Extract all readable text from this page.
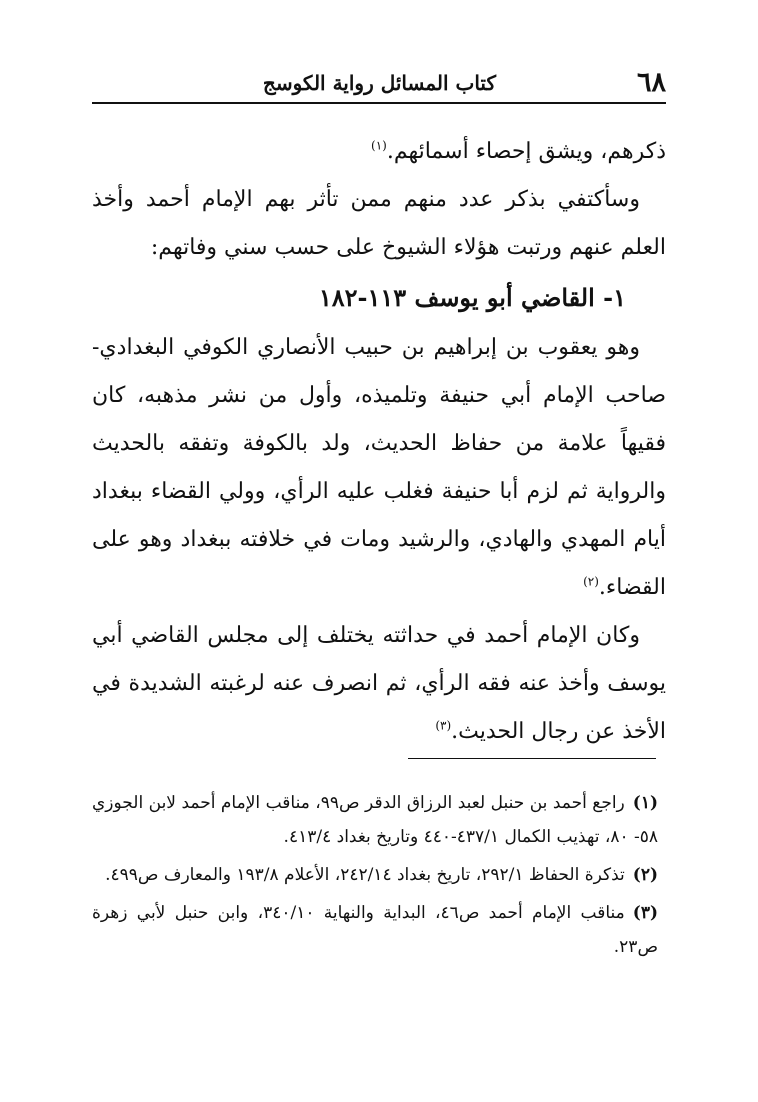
٦٨
كتاب المسائل رواية الكوسج

ذكرهم، ويشق إحصاء أسمائهم.$^{(١)}$

وسأكتفي بذكر عدد منهم ممن تأثر بهم الإمام أحمد وأخذ العلم عنهم ورتبت هؤلاء الشيوخ على حسب سني وفاتهم:

١- القاضي أبو يوسف ١١٣-١٨٢

وهو يعقوب بن إبراهيم بن حبيب الأنصاري الكوفي البغدادي- صاحب الإمام أبي حنيفة وتلميذه، وأول من نشر مذهبه، كان فقيهاً علامة من حفاظ الحديث، ولد بالكوفة وتفقه بالحديث والرواية ثم لزم أبا حنيفة فغلب عليه الرأي، وولي القضاء ببغداد أيام المهدي والهادي، والرشيد ومات في خلافته ببغداد وهو على القضاء.$^{(٢)}$

وكان الإمام أحمد في حداثته يختلف إلى مجلس القاضي أبي يوسف وأخذ عنه فقه الرأي، ثم انصرف عنه لرغبته الشديدة في الأخذ عن رجال الحديث.$^{(٣)}$

(١)راجع أحمد بن حنبل لعبد الرزاق الدقر ص٩٩، مناقب الإمام أحمد لابن الجوزي ٥٨- ٨٠، تهذيب الكمال ٤٣٧/١-٤٤٠ وتاريخ بغداد ٤١٣/٤.

(٢)تذكرة الحفاظ ٢٩٢/١، تاريخ بغداد ٢٤٢/١٤، الأعلام ١٩٣/٨ والمعارف ص٤٩٩.

(٣)مناقب الإمام أحمد ص٤٦، البداية والنهاية ٣٤٠/١٠، وابن حنبل لأبي زهرة ص٢٣.
